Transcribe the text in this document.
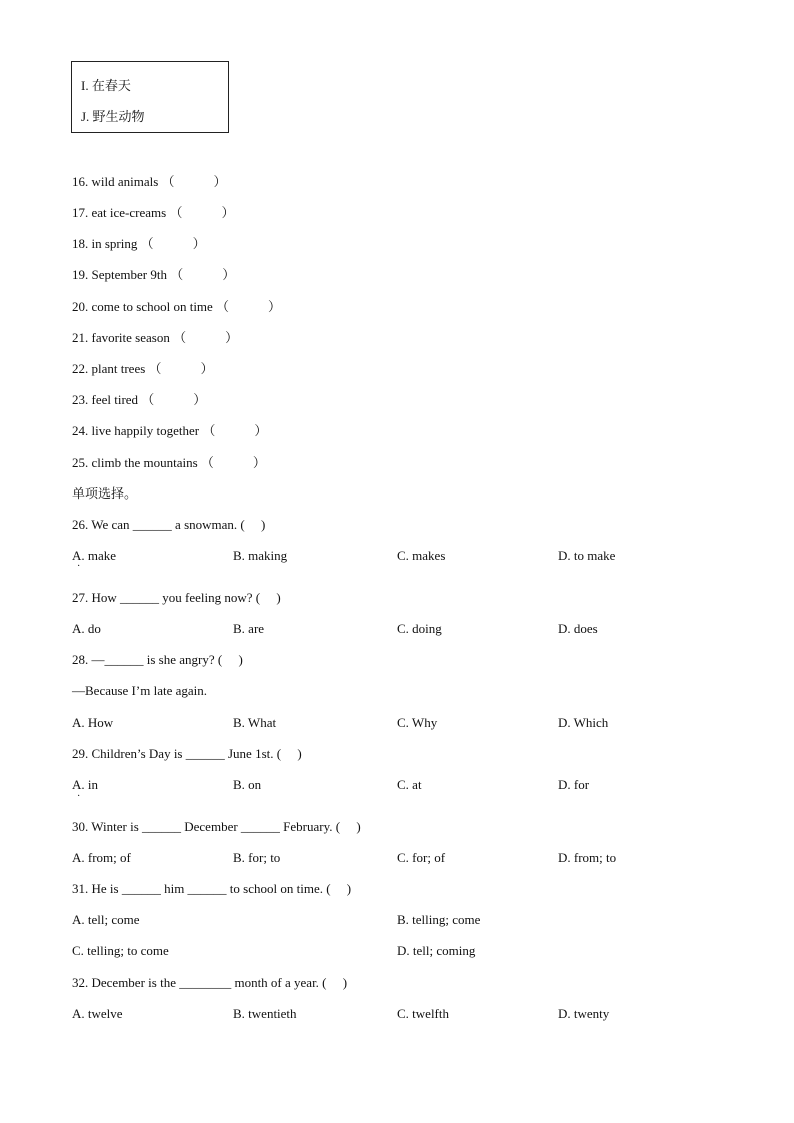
I. 在春天
J. 野生动物
16. wild animals （　　　）
17. eat ice-creams （　　　）
18. in spring （　　　）
19. September 9th （　　　）
20. come to school on time （　　　）
21. favorite season （　　　）
22. plant trees （　　　）
23. feel tired （　　　）
24. live happily together （　　　）
25. climb the mountains （　　　）
单项选择。
26. We can ______ a snowman. (　 )
A. make	B. making	C. makes	D. to make
·
27. How ______ you feeling now? (　 )
A. do	B. are	C. doing	D. does
28. —______ is she angry? (　 )
—Because I’m late again.
A. How	B. What	C. Why	D. Which
29. Children’s Day is ______ June 1st. (　 )
A. in	B. on	C. at	D. for
·
30. Winter is ______ December ______ February. (　 )
A. from; of	B. for; to	C. for; of	D. from; to
31. He is ______ him ______ to school on time. (　 )
A. tell; come	B. telling; come
C. telling; to come	D. tell; coming
32. December is the ________ month of a year. (　 )
A. twelve	B. twentieth	C. twelfth	D. twenty
